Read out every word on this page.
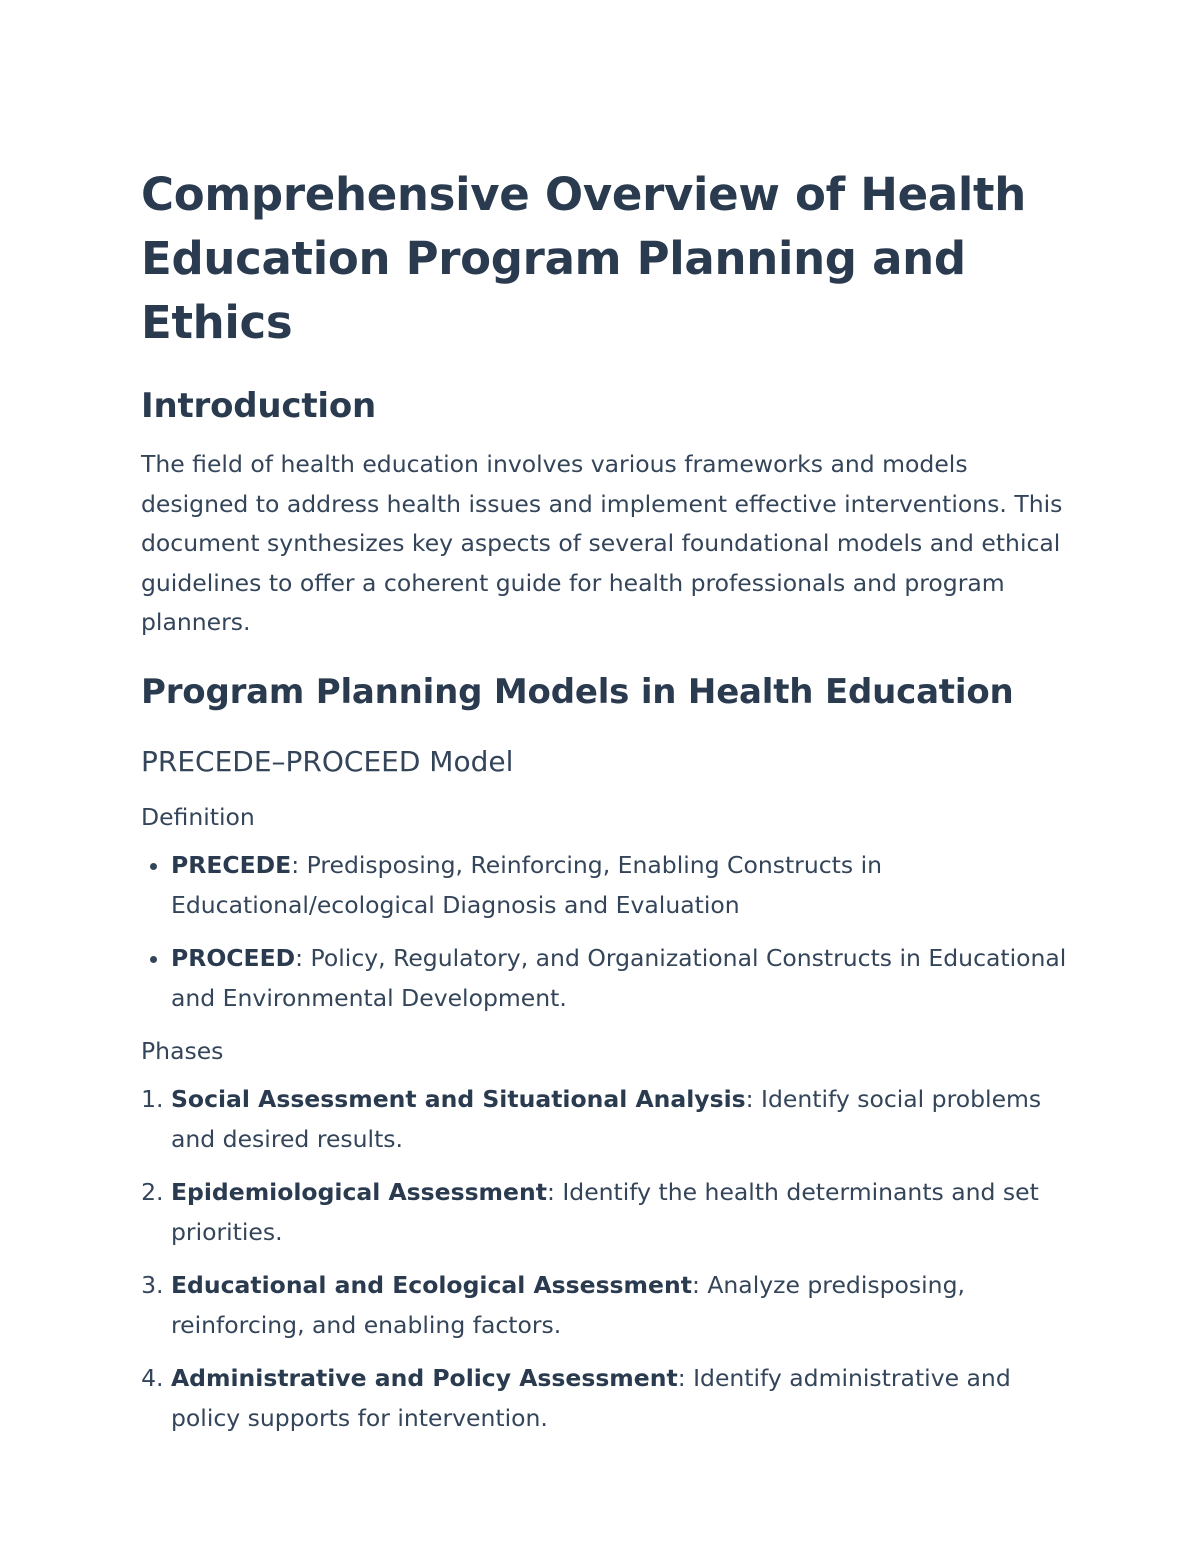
Comprehensive Overview of Health Education Program Planning and Ethics
Introduction

The field of health education involves various frameworks and models designed to address health issues and implement effective interventions. This document synthesizes key aspects of several foundational models and ethical guidelines to offer a coherent guide for health professionals and program planners.

Program Planning Models in Health Education
PRECEDE–PROCEED Model
Definition
• PRECEDE: Predisposing, Reinforcing, Enabling Constructs in Educational/ecological Diagnosis and Evaluation
• PROCEED: Policy, Regulatory, and Organizational Constructs in Educational and Environmental Development.
Phases
1. Social Assessment and Situational Analysis: Identify social problems and desired results.
2. Epidemiological Assessment: Identify the health determinants and set priorities.
3. Educational and Ecological Assessment: Analyze predisposing, reinforcing, and enabling factors.
4. Administrative and Policy Assessment: Identify administrative and policy supports for intervention.
